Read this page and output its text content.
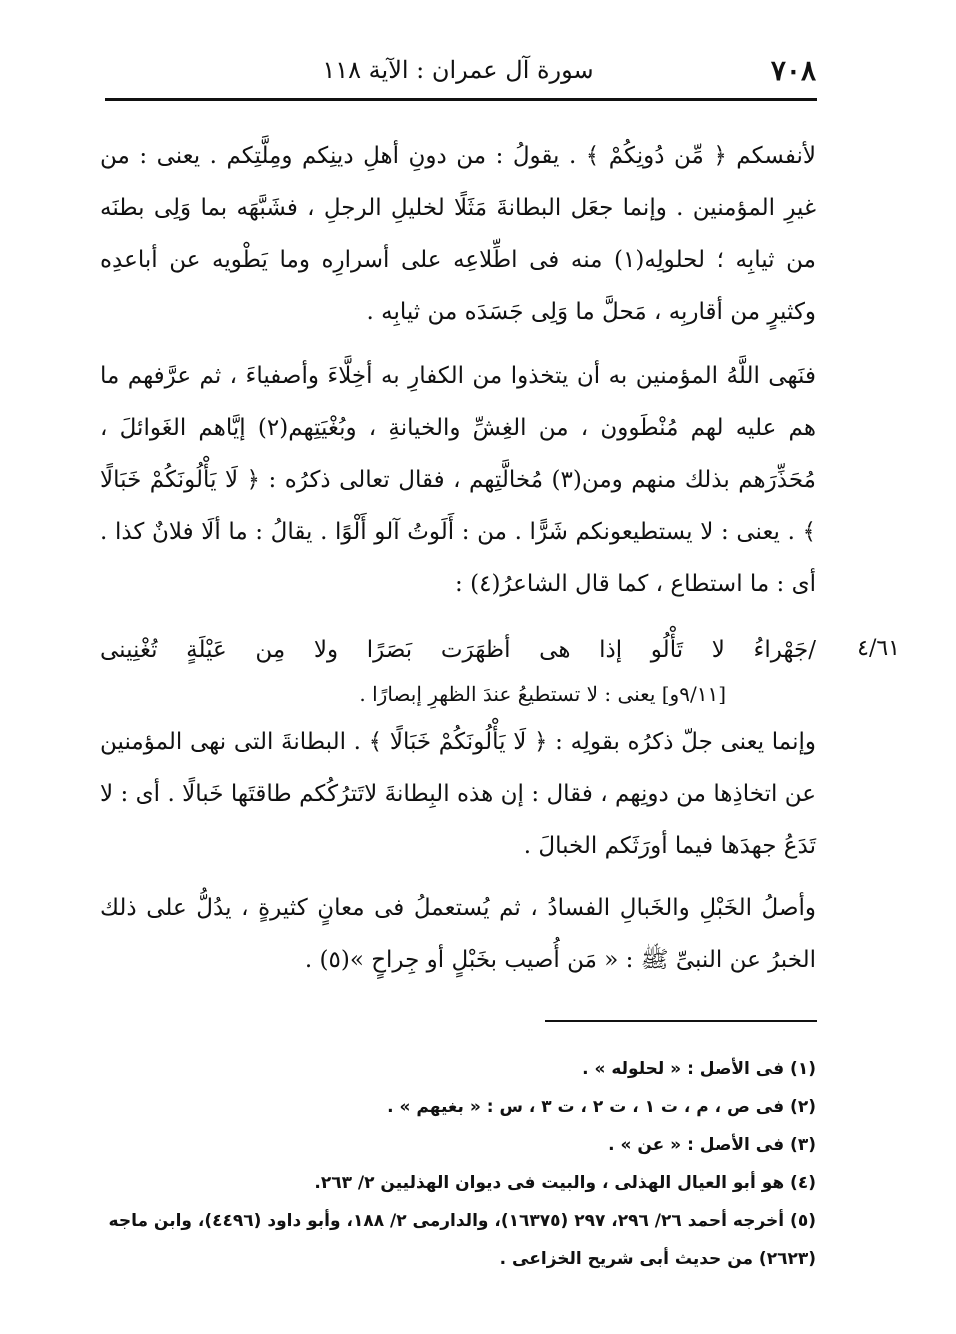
٧٠٨
سورة آل عمران : الآية ١١٨

لأنفسكم ﴿ مِّن دُونِكُمْ ﴾ . يقولُ : من دونِ أهلِ دينِكم ومِلَّتِكم . يعنى : من غيرِ المؤمنين . وإنما جعَل البطانةَ مَثَلًا لخليلِ الرجلِ ، فشَبَّهَه بما وَلِى بطنَه من ثيابِه ؛ لحلولِه(١) منه فى اطِّلاعِه على أسرارِه وما يَطْويه عن أباعدِه وكثيرٍ من أقاربِه ، مَحلَّ ما وَلِى جَسَدَه من ثيابِه .

فنَهى اللَّهُ المؤمنين به أن يتخذوا من الكفارِ به أخِلَّاءَ وأصفياءَ ، ثم عرَّفهم ما هم عليه لهم مُنْطَوون ، من الغِشِّ والخيانةِ ، وبُغْيَتِهم(٢) إيَّاهم الغَوائلَ ، مُحَذِّرَهم بذلك منهم ومن(٣) مُخالَّتِهم ، فقال تعالى ذكرُه : ﴿ لَا يَأْلُونَكُمْ خَبَالًا ﴾ . يعنى : لا يستطيعونكم شَرًّا . من : أَلَوتُ آلو أَلْوًا . يقالُ : ما ألَا فلانٌ كذا . أى : ما استطاع ، كما قال الشاعرُ(٤) :

٤/٦١
/جَهْراءُ لا تَأْلُو إذا هى أظهَرَت بَصَرًا ولا مِن عَيْلَةٍ تُغْنِينى
[٩/١١و] يعنى : لا تستطيعُ عندَ الظهرِ إبصارًا .

وإنما يعنى جلّ ذكرُه بقولِه : ﴿ لَا يَأْلُونَكُمْ خَبَالًا ﴾ . البطانةَ التى نهى المؤمنين عن اتخاذِها من دونِهم ، فقال : إن هذه البِطانةَ لاتَترُكُكم طاقتَها خَبالًا . أى : لا تَدَعُ جهدَها فيما أورَثَكم الخبالَ .

وأصلُ الخَبْلِ والخَبالِ الفسادُ ، ثم يُستعملُ فى معانٍ كثيرةٍ ، يدُلُّ على ذلك الخبرُ عن النبىِّ ﷺ : « مَن أُصيب بخَبْلٍ أو جِراحٍ »(٥) .

(١) فى الأصل : « لحلوله » .

(٢) فى ص ، م ، ت ١ ، ت ٢ ، ت ٣ ، س : « بغيهم » .

(٣) فى الأصل : « عن » .

(٤) هو أبو العيال الهذلى ، والبيت فى ديوان الهذليين ٢/ ٢٦٣.

(٥) أخرجه أحمد ٢٦/ ٢٩٦، ٢٩٧ (١٦٣٧٥)، والدارمى ٢/ ١٨٨، وأبو داود (٤٤٩٦)، وابن ماجه (٢٦٢٣) من حديث أبى شريح الخزاعى .
